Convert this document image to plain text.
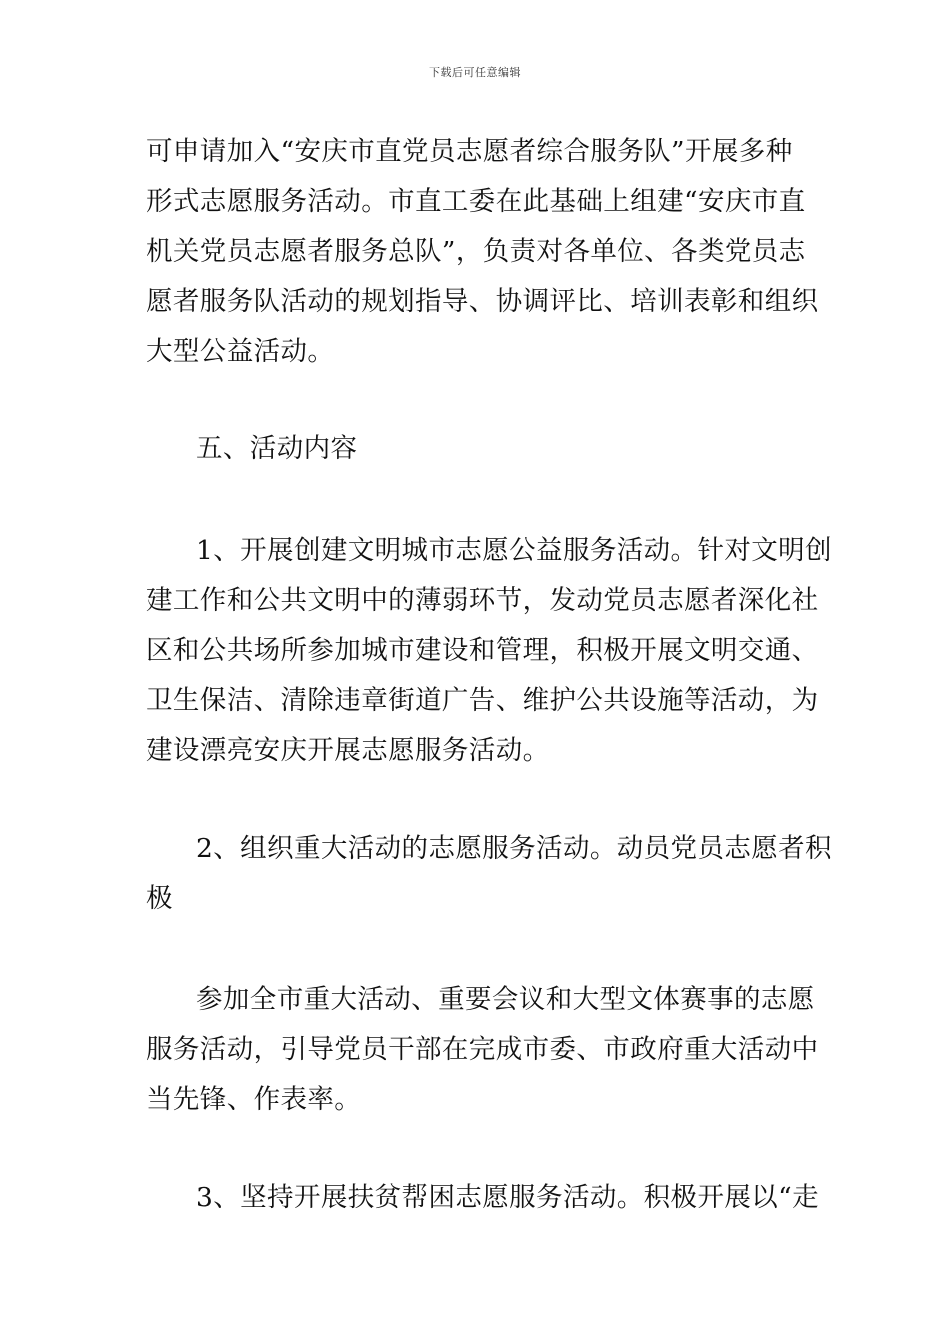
下载后可任意编辑
可申请加入“安庆市直党员志愿者综合服务队”开展多种
形式志愿服务活动。市直工委在此基础上组建“安庆市直
机关党员志愿者服务总队”，负责对各单位、各类党员志
愿者服务队活动的规划指导、协调评比、培训表彰和组织
大型公益活动。
五、活动内容
1、开展创建文明城市志愿公益服务活动。针对文明创
建工作和公共文明中的薄弱环节，发动党员志愿者深化社
区和公共场所参加城市建设和管理，积极开展文明交通、
卫生保洁、清除违章街道广告、维护公共设施等活动，为
建设漂亮安庆开展志愿服务活动。
2、组织重大活动的志愿服务活动。动员党员志愿者积
极
参加全市重大活动、重要会议和大型文体赛事的志愿
服务活动，引导党员干部在完成市委、市政府重大活动中
当先锋、作表率。
3、坚持开展扶贫帮困志愿服务活动。积极开展以“走
